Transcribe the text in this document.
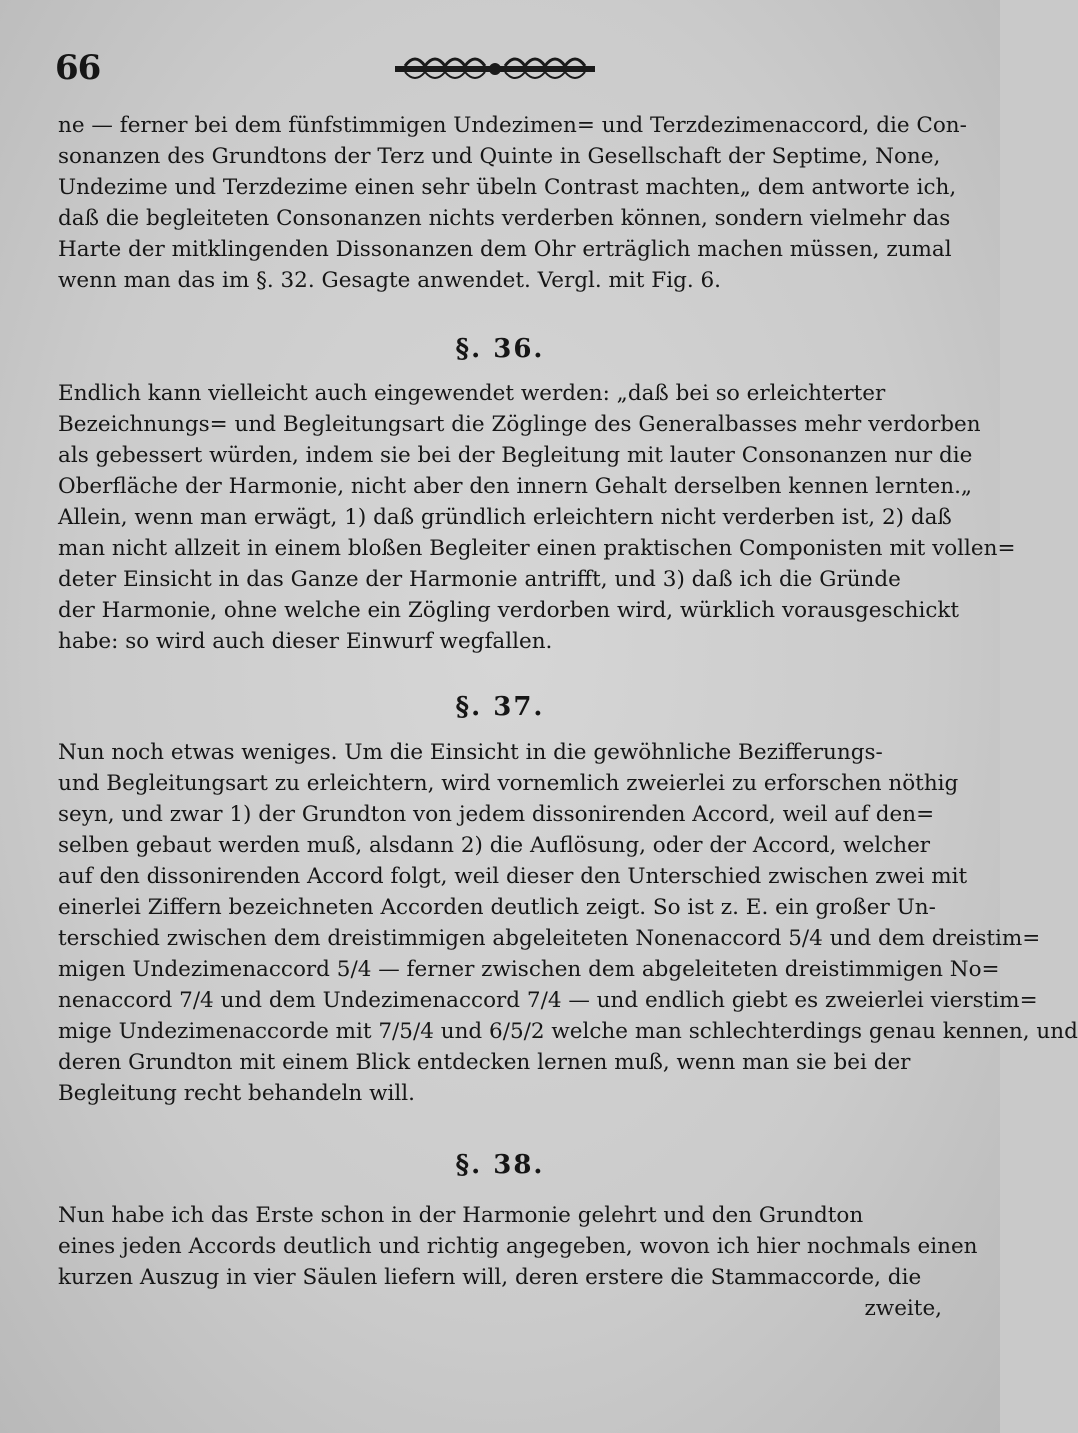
66
ne — ferner bei dem fünfstimmigen Undezimen= und Terzdezimenaccord, die Con-
sonanzen des Grundtons der Terz und Quinte in Gesellschaft der Septime, None,
Undezime und Terzdezime einen sehr übeln Contrast machten„ dem antworte ich,
daß die begleiteten Consonanzen nichts verderben können, sondern vielmehr das
Harte der mitklingenden Dissonanzen dem Ohr erträglich machen müssen, zumal
wenn man das im §. 32. Gesagte anwendet. Vergl. mit Fig. 6.
§. 36.
Endlich kann vielleicht auch eingewendet werden: „daß bei so erleichterter
Bezeichnungs= und Begleitungsart die Zöglinge des Generalbasses mehr verdorben
als gebessert würden, indem sie bei der Begleitung mit lauter Consonanzen nur die
Oberfläche der Harmonie, nicht aber den innern Gehalt derselben kennen lernten.„
Allein, wenn man erwägt, 1) daß gründlich erleichtern nicht verderben ist, 2) daß
man nicht allzeit in einem bloßen Begleiter einen praktischen Componisten mit vollen=
deter Einsicht in das Ganze der Harmonie antrifft, und 3) daß ich die Gründe
der Harmonie, ohne welche ein Zögling verdorben wird, würklich vorausgeschickt
habe: so wird auch dieser Einwurf wegfallen.
§. 37.
Nun noch etwas weniges. Um die Einsicht in die gewöhnliche Bezifferungs-
und Begleitungsart zu erleichtern, wird vornemlich zweierlei zu erforschen nöthig
seyn, und zwar 1) der Grundton von jedem dissonirenden Accord, weil auf den=
selben gebaut werden muß, alsdann 2) die Auflösung, oder der Accord, welcher
auf den dissonirenden Accord folgt, weil dieser den Unterschied zwischen zwei mit
einerlei Ziffern bezeichneten Accorden deutlich zeigt. So ist z. E. ein großer Un-
terschied zwischen dem dreistimmigen abgeleiteten Nonenaccord 5/4 und dem dreistim=
migen Undezimenaccord 5/4 — ferner zwischen dem abgeleiteten dreistimmigen No=
nenaccord 7/4 und dem Undezimenaccord 7/4 — und endlich giebt es zweierlei vierstim=
mige Undezimenaccorde mit 7/5/4 und 6/5/2 welche man schlechterdings genau kennen, und
deren Grundton mit einem Blick entdecken lernen muß, wenn man sie bei der
Begleitung recht behandeln will.
§. 38.
Nun habe ich das Erste schon in der Harmonie gelehrt und den Grundton
eines jeden Accords deutlich und richtig angegeben, wovon ich hier nochmals einen
kurzen Auszug in vier Säulen liefern will, deren erstere die Stammaccorde, die
zweite,
